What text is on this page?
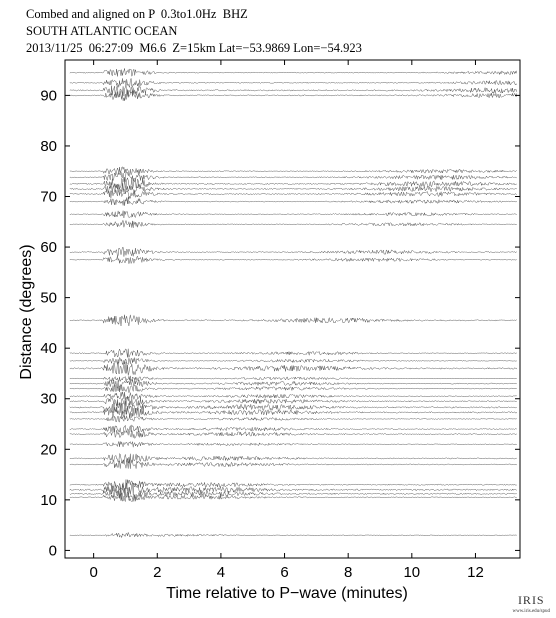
Combed and aligned on P  0.3to1.0Hz  BHZ
SOUTH ATLANTIC OCEAN
2013/11/25  06:27:09  M6.6  Z=15km Lat=−53.9869 Lon=−54.923
0	2	4	6	8	10	12
0
10
20
30
40
50
60
70
80
90
Time relative to P−wave (minutes)
Distance (degrees)
IRIS
www.iris.edu/spud
